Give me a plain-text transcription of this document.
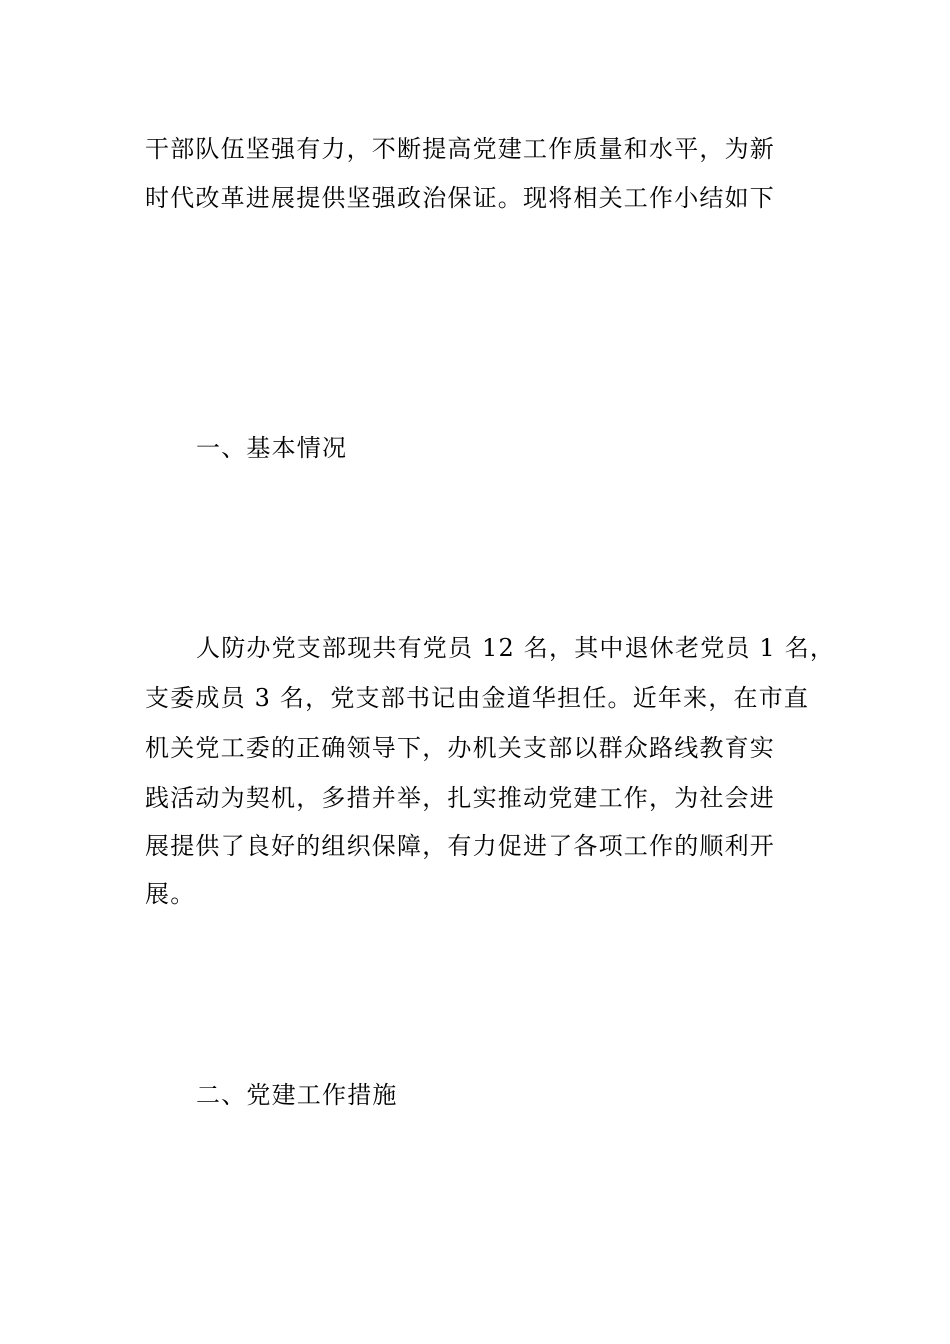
干部队伍坚强有力，不断提高党建工作质量和水平，为新
时代改革进展提供坚强政治保证。现将相关工作小结如下
一、基本情况
人防办党支部现共有党员 12 名，其中退休老党员 1 名，
支委成员 3 名，党支部书记由金道华担任。近年来，在市直
机关党工委的正确领导下，办机关支部以群众路线教育实
践活动为契机，多措并举，扎实推动党建工作，为社会进
展提供了良好的组织保障，有力促进了各项工作的顺利开
展。
二、党建工作措施
